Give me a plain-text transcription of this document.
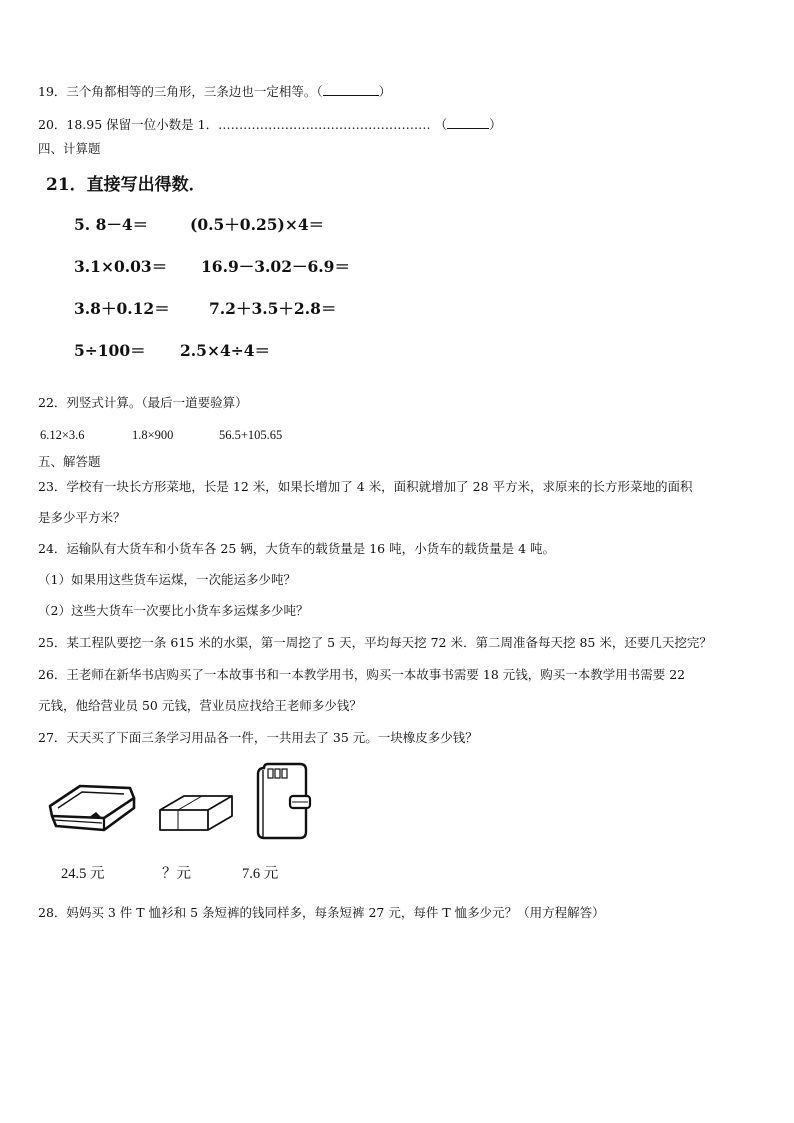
19．三个角都相等的三角形，三条边也一定相等。（	）
20．18.95 保留一位小数是 1．…………………………………………… （	）
四、计算题
21．直接写出得数．
5. 8－4＝	(0.5＋0.25)×4＝
3.1×0.03＝ 16.9－3.02－6.9＝
3.8＋0.12＝	7.2＋3.5＋2.8＝
5÷100＝ 2.5×4÷4＝
22．列竖式计算。（最后一道要验算）
6.12×3.6	1.8×900	56.5+105.65
五、解答题
23．学校有一块长方形菜地，长是 12 米，如果长增加了 4 米，面积就增加了 28 平方米，求原来的长方形菜地的面积
是多少平方米？
24．运输队有大货车和小货车各 25 辆，大货车的载货量是 16 吨，小货车的载货量是 4 吨。
（1）如果用这些货车运煤，一次能运多少吨？
（2）这些大货车一次要比小货车多运煤多少吨？
25．某工程队要挖一条 615 米的水渠，第一周挖了 5 天，平均每天挖 72 米．第二周准备每天挖 85 米，还要几天挖完？
26．王老师在新华书店购买了一本故事书和一本教学用书，购买一本故事书需要 18 元钱，购买一本教学用书需要 22
元钱，他给营业员 50 元钱，营业员应找给王老师多少钱？
27．天天买了下面三条学习用品各一件，一共用去了 35 元。一块橡皮多少钱？
24.5 元	？元	7.6 元
28．妈妈买 3 件 T 恤衫和 5 条短裤的钱同样多，每条短裤 27 元，每件 T 恤多少元？（用方程解答）
